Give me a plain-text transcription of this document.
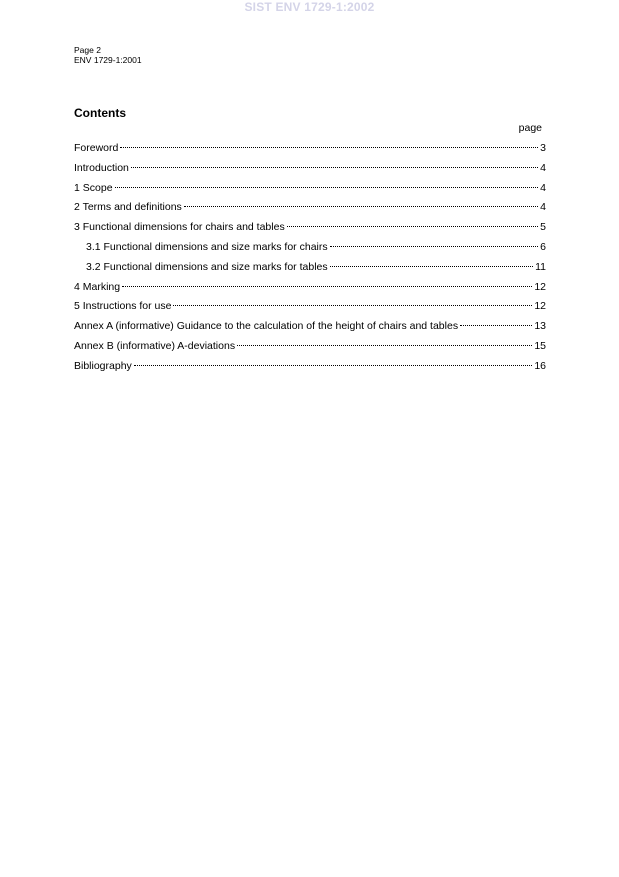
SIST ENV 1729-1:2002
Page 2
ENV 1729-1:2001
Contents
page
Foreword	3
Introduction	4
1 Scope	4
2 Terms and definitions	4
3 Functional dimensions for chairs and tables	5
3.1 Functional dimensions and size marks for chairs	6
3.2 Functional dimensions and size marks for tables	11
4 Marking	12
5 Instructions for use	12
Annex A (informative) Guidance to the calculation of the height of chairs and tables	13
Annex B (informative) A-deviations	15
Bibliography	16
